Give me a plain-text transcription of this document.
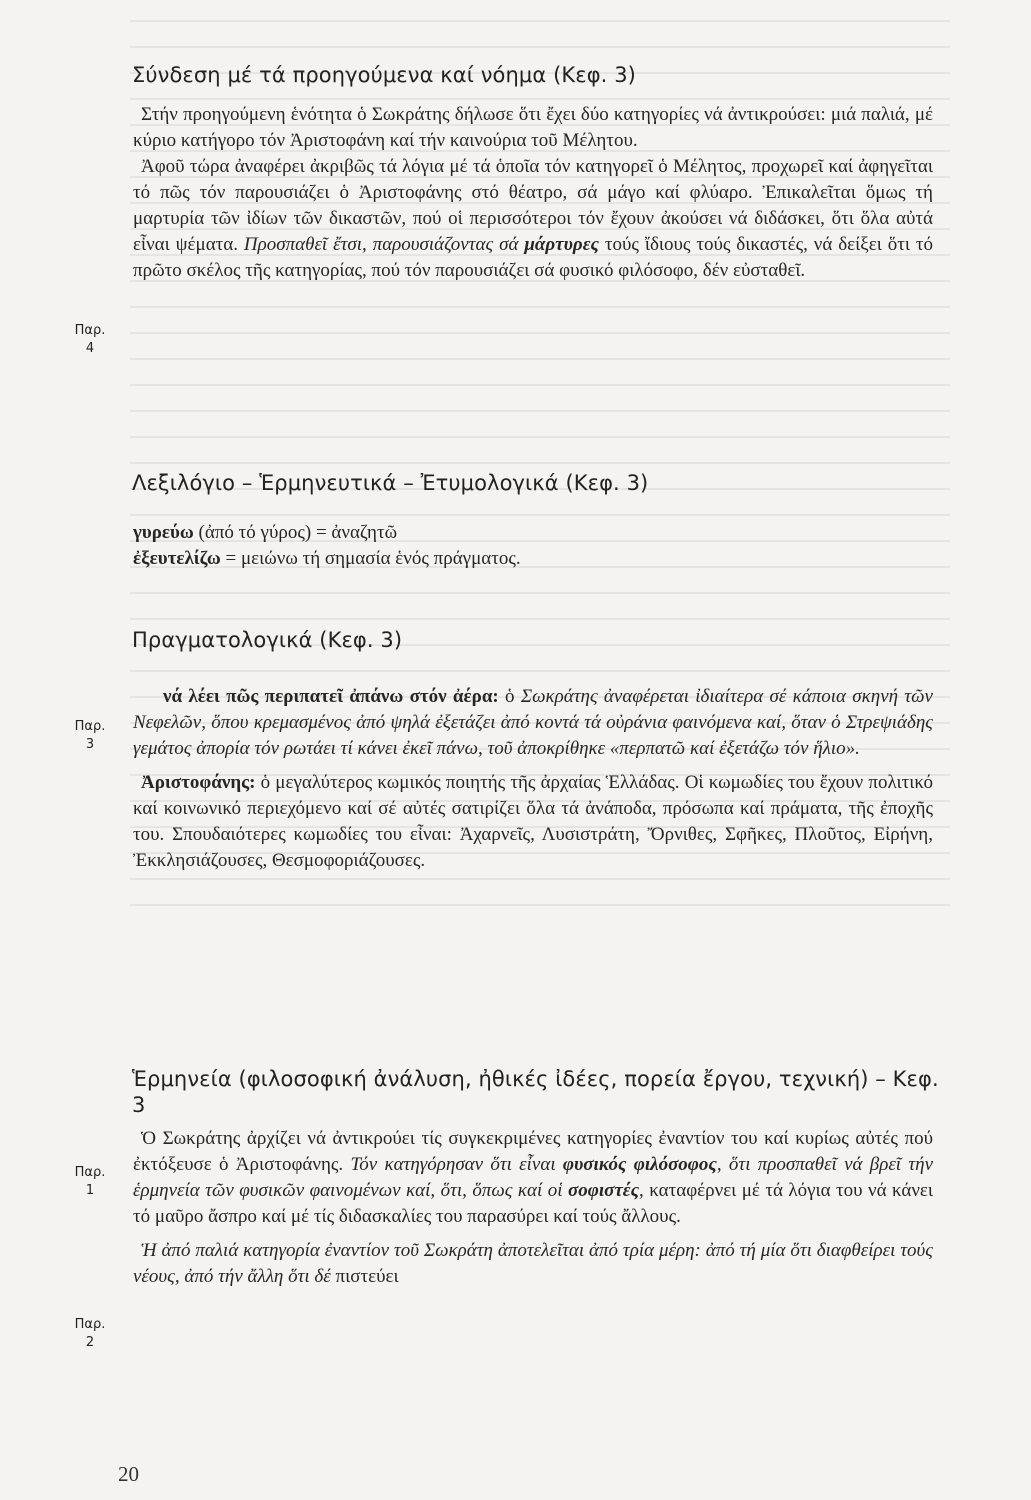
Σύνδεση μέ τά προηγούμενα καί νόημα (Κεφ. 3)

Στήν προηγούμενη ἑνότητα ὁ Σωκράτης δήλωσε ὅτι ἔχει δύο κατηγορίες νά ἀντικρούσει: μιά παλιά, μέ κύριο κατήγορο τόν Ἀριστοφάνη καί τήν καινούρια τοῦ Μέλητου.

Ἀφοῦ τώρα ἀναφέρει ἀκριβῶς τά λόγια μέ τά ὁποῖα τόν κατηγορεῖ ὁ Μέλητος, προχωρεῖ καί ἀφηγεῖται τό πῶς τόν παρουσιάζει ὁ Ἀριστοφάνης στό θέατρο, σά μάγο καί φλύαρο. Ἐπικαλεῖται ὅμως τή μαρτυρία τῶν ἰδίων τῶν δικαστῶν, πού οἱ περισσότεροι τόν ἔχουν ἀκούσει νά διδάσκει, ὅτι ὅλα αὐτά εἶναι ψέματα. Προσπαθεῖ ἔτσι, παρουσιάζοντας σά μάρτυρες τούς ἴδιους τούς δικαστές, νά δείξει ὅτι τό πρῶτο σκέλος τῆς κατηγορίας, πού τόν παρουσιάζει σά φυσικό φιλόσοφο, δέν εὐσταθεῖ.

Παρ.
4
Λεξιλόγιο – Ἑρμηνευτικά – Ἐτυμολογικά (Κεφ. 3)

γυρεύω (ἀπό τό γύρος) = ἀναζητῶ

ἐξευτελίζω = μειώνω τή σημασία ἑνός πράγματος.

Πραγματολογικά (Κεφ. 3)

νά λέει πῶς περιπατεῖ ἀπάνω στόν ἀέρα: ὁ Σωκράτης ἀναφέρεται ἰδιαίτερα σέ κάποια σκηνή τῶν Νεφελῶν, ὅπου κρεμασμένος ἀπό ψηλά ἐξετάζει ἀπό κοντά τά οὐράνια φαινόμενα καί, ὅταν ὁ Στρεψιάδης γεμάτος ἀπορία τόν ρωτάει τί κάνει ἐκεῖ πάνω, τοῦ ἀποκρίθηκε «περπατῶ καί ἐξετάζω τόν ἥλιο».

Ἀριστοφάνης: ὁ μεγαλύτερος κωμικός ποιητής τῆς ἀρχαίας Ἑλλάδας. Οἱ κωμωδίες του ἔχουν πολιτικό καί κοινωνικό περιεχόμενο καί σέ αὐτές σατιρίζει ὅλα τά ἀνάποδα, πρόσωπα καί πράματα, τῆς ἐποχῆς του. Σπουδαιότερες κωμωδίες του εἶναι: Ἀχαρνεῖς, Λυσιστράτη, Ὄρνιθες, Σφῆκες, Πλοῦτος, Εἰρήνη, Ἐκκλησιάζουσες, Θεσμοφοριάζουσες.

Παρ.
3
Ἑρμηνεία (φιλοσοφική ἀνάλυση, ἠθικές ἰδέες, πορεία ἔργου, τεχνική) – Κεφ. 3

Ὁ Σωκράτης ἀρχίζει νά ἀντικρούει τίς συγκεκριμένες κατηγορίες ἐναντίον του καί κυρίως αὐτές πού ἐκτόξευσε ὁ Ἀριστοφάνης. Τόν κατηγόρησαν ὅτι εἶναι φυσικός φιλόσοφος, ὅτι προσπαθεῖ νά βρεῖ τήν ἑρμηνεία τῶν φυσικῶν φαινομένων καί, ὅτι, ὅπως καί οἱ σοφιστές, καταφέρνει μέ τά λόγια του νά κάνει τό μαῦρο ἄσπρο καί μέ τίς διδασκαλίες του παρασύρει καί τούς ἄλλους.

Ἡ ἀπό παλιά κατηγορία ἐναντίον τοῦ Σωκράτη ἀποτελεῖται ἀπό τρία μέρη: ἀπό τή μία ὅτι διαφθείρει τούς νέους, ἀπό τήν ἄλλη ὅτι δέ πιστεύει

Παρ.
1
Παρ.
2
20
